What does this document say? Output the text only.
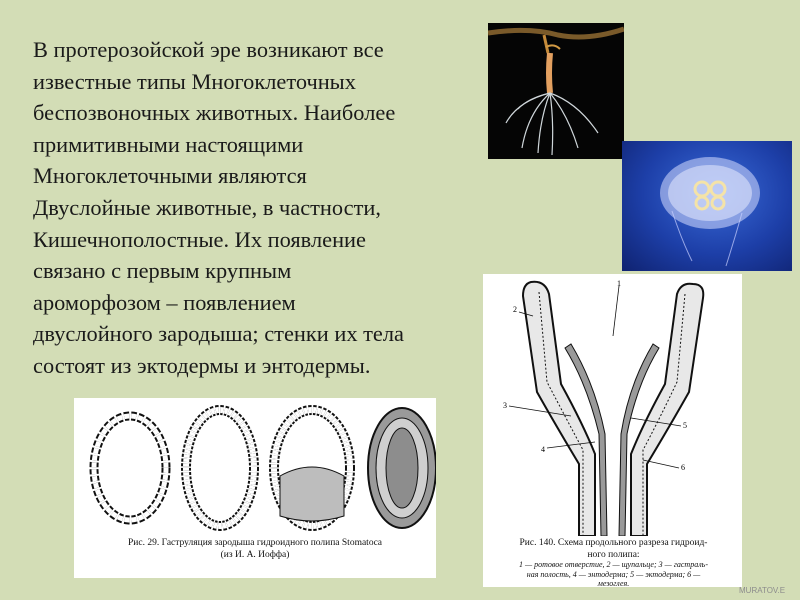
В протерозойской эре возникают все
известные типы Многоклеточных
беспозвоночных животных. Наиболее
примитивными настоящими
Многоклеточными являются
Двуслойные животные, в частности,
Кишечнополостные. Их появление
связано с первым крупным
ароморфозом – появлением
двуслойного зародыша; стенки их тела
состоят из эктодермы и энтодермы.
Рис. 29. Гаструляция зародыша гидроидного полипа Stomatoca
(из И. А. Иоффа)
1
2
3
4
5
6
Рис. 140. Схема продольного разреза гидроид-
ного полипа:
1 — ротовое отверстие, 2 — щупальце; 3 — гастраль-
ная полость, 4 — энтодерма; 5 — эктодерма; 6 —
мезоглея.
MURATOV.E
